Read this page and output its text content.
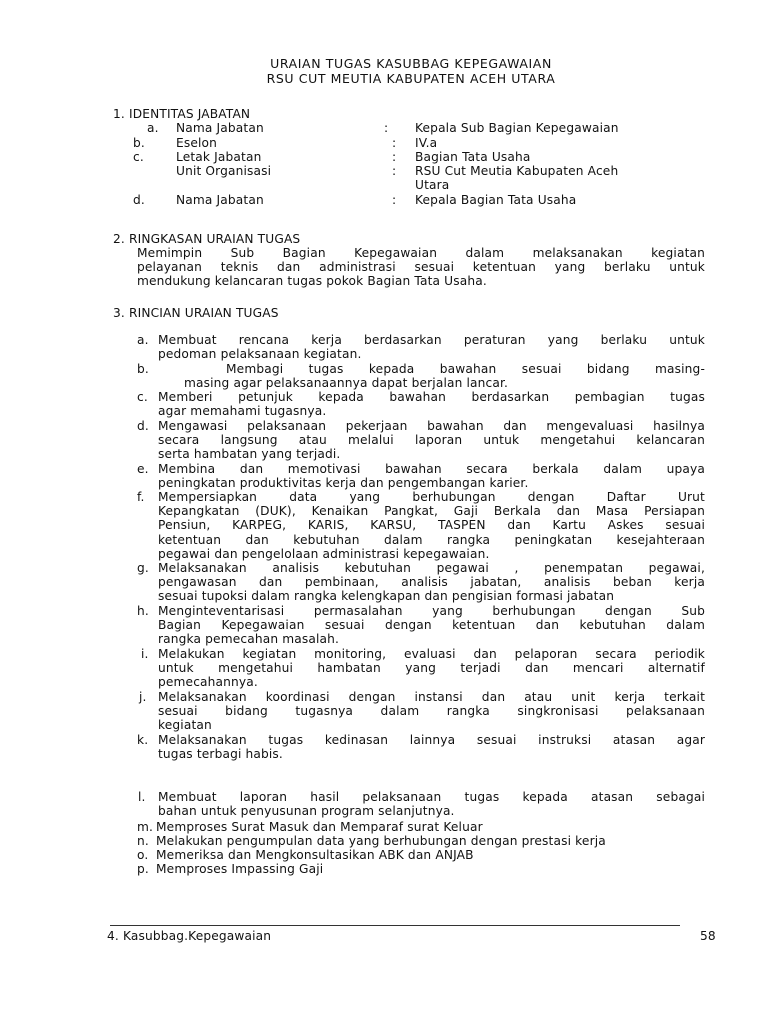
URAIAN TUGAS KASUBBAG KEPEGAWAIAN
RSU CUT MEUTIA KABUPATEN ACEH UTARA
1. IDENTITAS JABATAN
a. Nama Jabatan	: Kepala Sub Bagian Kepegawaian
b.	Eselon	: IV.a
c.	Letak Jabatan	: Bagian Tata Usaha
Unit Organisasi	: RSU Cut Meutia Kabupaten Aceh
Utara
d.	Nama Jabatan	: Kepala Bagian Tata Usaha
2. RINGKASAN URAIAN TUGAS
Memimpin Sub Bagian Kepegawaian dalam melaksanakan kegiatan
pelayanan teknis dan administrasi sesuai ketentuan yang berlaku untuk
mendukung kelancaran tugas pokok Bagian Tata Usaha.
3. RINCIAN URAIAN TUGAS
a. Membuat rencana kerja berdasarkan peraturan yang berlaku untuk
pedoman pelaksanaan kegiatan.
b.	Membagi tugas kepada bawahan sesuai bidang masing-
masing agar pelaksanaannya dapat berjalan lancar.
c. Memberi petunjuk kepada bawahan berdasarkan pembagian tugas
agar memahami tugasnya.
d. Mengawasi pelaksanaan pekerjaan bawahan dan mengevaluasi hasilnya
secara langsung atau melalui laporan untuk mengetahui kelancaran
serta hambatan yang terjadi.
e. Membina dan memotivasi bawahan secara berkala dalam upaya
peningkatan produktivitas kerja dan pengembangan karier.
f. Mempersiapkan data yang berhubungan dengan Daftar Urut
Kepangkatan (DUK), Kenaikan Pangkat, Gaji Berkala dan Masa Persiapan
Pensiun, KARPEG, KARIS, KARSU, TASPEN dan Kartu Askes sesuai
ketentuan dan kebutuhan dalam rangka peningkatan kesejahteraan
pegawai dan pengelolaan administrasi kepegawaian.
g. Melaksanakan analisis kebutuhan pegawai , penempatan pegawai,
pengawasan dan pembinaan, analisis jabatan, analisis beban kerja
sesuai tupoksi dalam rangka kelengkapan dan pengisian formasi jabatan
h. Menginteventarisasi permasalahan yang berhubungan dengan Sub
Bagian Kepegawaian sesuai dengan ketentuan dan kebutuhan dalam
rangka pemecahan masalah.
i. Melakukan kegiatan monitoring, evaluasi dan pelaporan secara periodik
untuk mengetahui hambatan yang terjadi dan mencari alternatif
pemecahannya.
j. Melaksanakan koordinasi dengan instansi dan atau unit kerja terkait
sesuai bidang tugasnya dalam rangka singkronisasi pelaksanaan
kegiatan
k. Melaksanakan tugas kedinasan lainnya sesuai instruksi atasan agar
tugas terbagi habis.
l. Membuat laporan hasil pelaksanaan tugas kepada atasan sebagai
bahan untuk penyusunan program selanjutnya.
m. Memproses Surat Masuk dan Memparaf surat Keluar
n. Melakukan pengumpulan data yang berhubungan dengan prestasi kerja
o. Memeriksa dan Mengkonsultasikan ABK dan ANJAB
p. Memproses Impassing Gaji
4. Kasubbag.Kepegawaian	58
